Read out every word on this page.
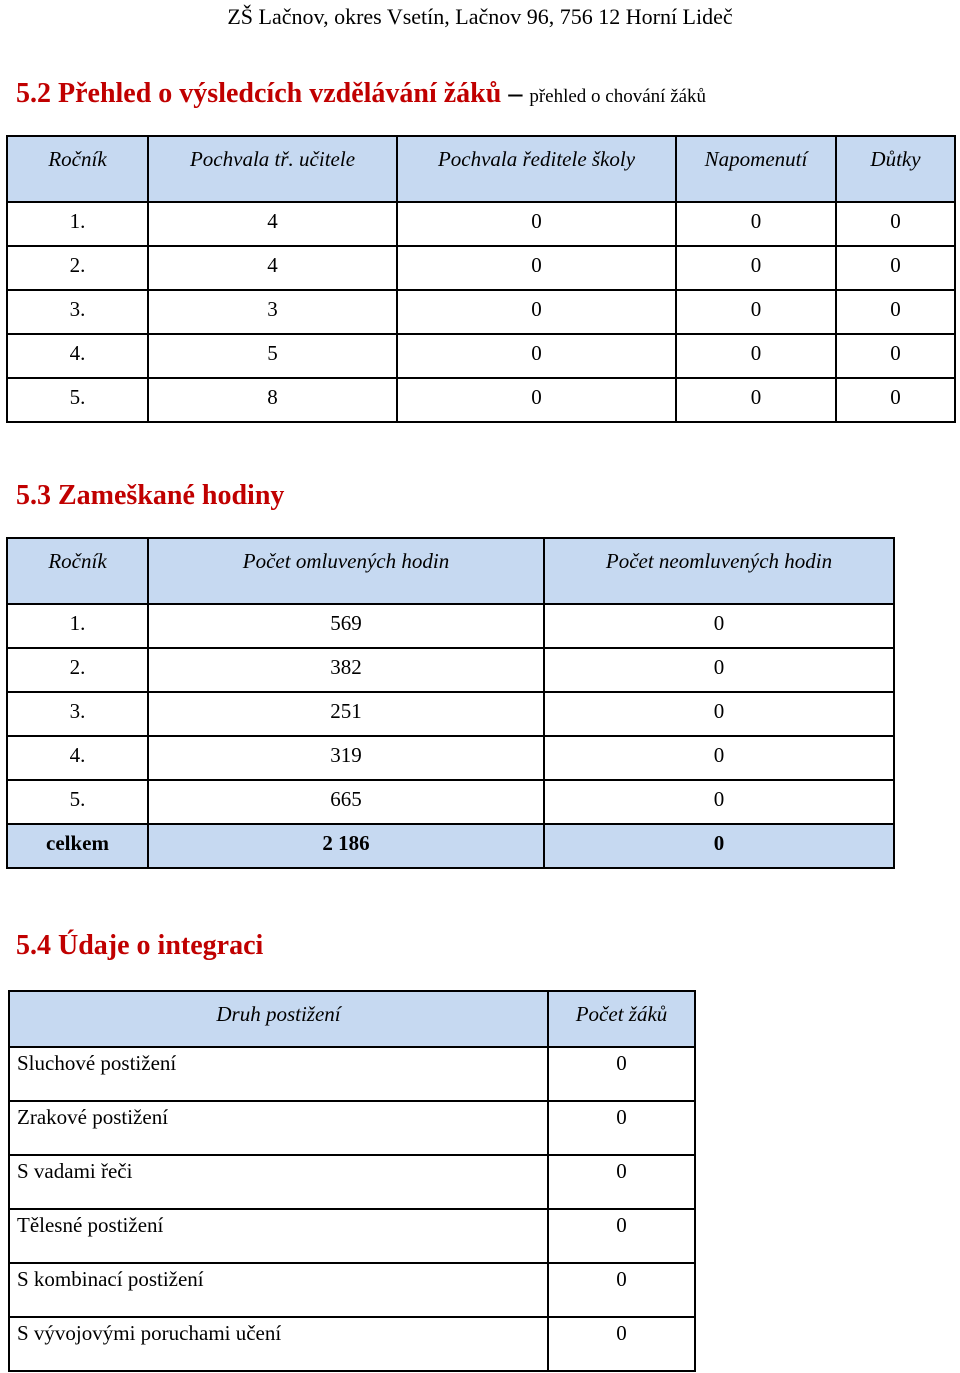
ZŠ Lačnov, okres Vsetín, Lačnov 96, 756 12 Horní Lideč
5.2 Přehled o výsledcích vzdělávání žáků – přehled o chování žáků
Ročník	Pochvala tř. učitele	Pochvala ředitele školy	Napomenutí	Důtky
1.	4	0	0	0
2.	4	0	0	0
3.	3	0	0	0
4.	5	0	0	0
5.	8	0	0	0
5.3 Zameškané hodiny
Ročník	Počet omluvených hodin	Počet neomluvených hodin
1.	569	0
2.	382	0
3.	251	0
4.	319	0
5.	665	0
celkem	2 186	0
5.4 Údaje o integraci
Druh postižení	Počet žáků
Sluchové postižení	0
Zrakové postižení	0
S vadami řeči	0
Tělesné postižení	0
S kombinací postižení	0
S vývojovými poruchami učení	0
